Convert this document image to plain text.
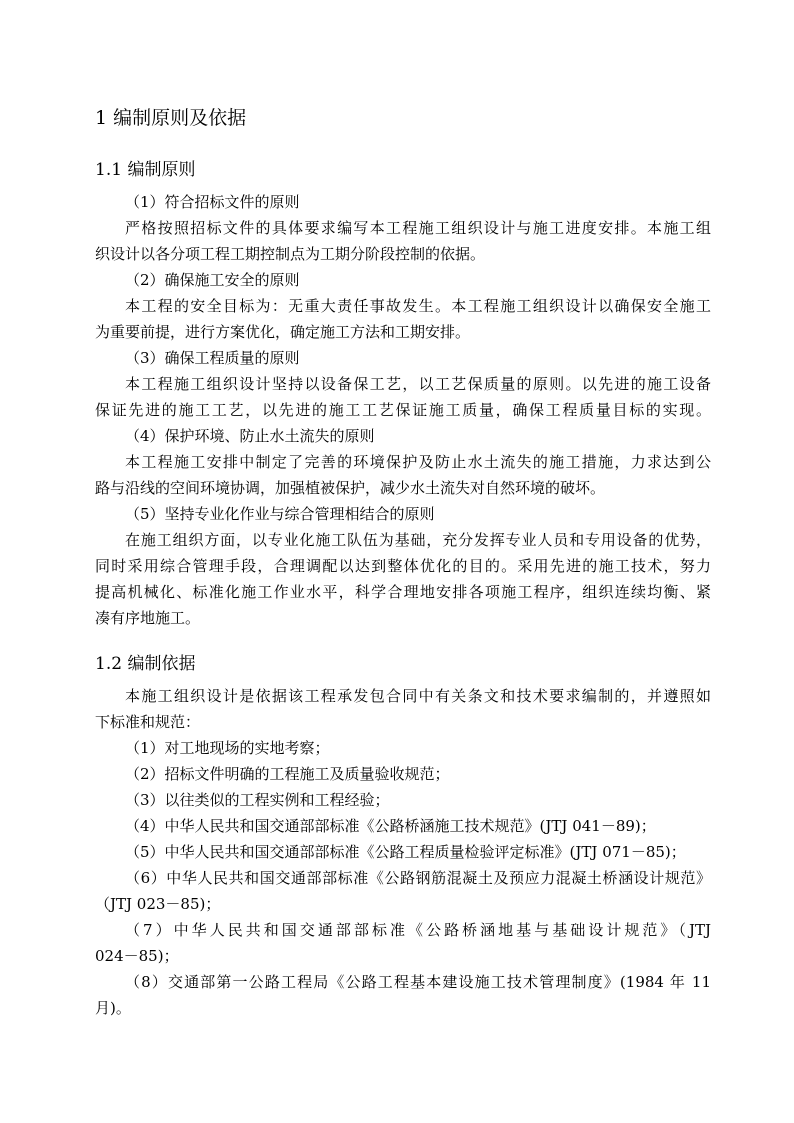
1 编制原则及依据
1.1 编制原则
（1）符合招标文件的原则
严格按照招标文件的具体要求编写本工程施工组织设计与施工进度安排。本施工组
织设计以各分项工程工期控制点为工期分阶段控制的依据。
（2）确保施工安全的原则
本工程的安全目标为：无重大责任事故发生。本工程施工组织设计以确保安全施工
为重要前提，进行方案优化，确定施工方法和工期安排。
（3）确保工程质量的原则
本工程施工组织设计坚持以设备保工艺，以工艺保质量的原则。以先进的施工设备
保证先进的施工工艺，以先进的施工工艺保证施工质量，确保工程质量目标的实现。
（4）保护环境、防止水土流失的原则
本工程施工安排中制定了完善的环境保护及防止水土流失的施工措施，力求达到公
路与沿线的空间环境协调，加强植被保护，减少水土流失对自然环境的破坏。
（5）坚持专业化作业与综合管理相结合的原则
在施工组织方面，以专业化施工队伍为基础，充分发挥专业人员和专用设备的优势，
同时采用综合管理手段，合理调配以达到整体优化的目的。采用先进的施工技术，努力
提高机械化、标准化施工作业水平，科学合理地安排各项施工程序，组织连续均衡、紧
凑有序地施工。
1.2 编制依据
本施工组织设计是依据该工程承发包合同中有关条文和技术要求编制的，并遵照如
下标准和规范：
（1）对工地现场的实地考察；
（2）招标文件明确的工程施工及质量验收规范；
（3）以往类似的工程实例和工程经验；
（4）中华人民共和国交通部部标准《公路桥涵施工技术规范》(JTJ 041－89)；
（5）中华人民共和国交通部部标准《公路工程质量检验评定标准》(JTJ 071－85)；
（6）中华人民共和国交通部部标准《公路钢筋混凝土及预应力混凝土桥涵设计规范》
（JTJ 023－85)；
（7）中华人民共和国交通部部标准《公路桥涵地基与基础设计规范》（JTJ
024－85)；
（8）交通部第一公路工程局《公路工程基本建设施工技术管理制度》(1984 年 11
月)。
